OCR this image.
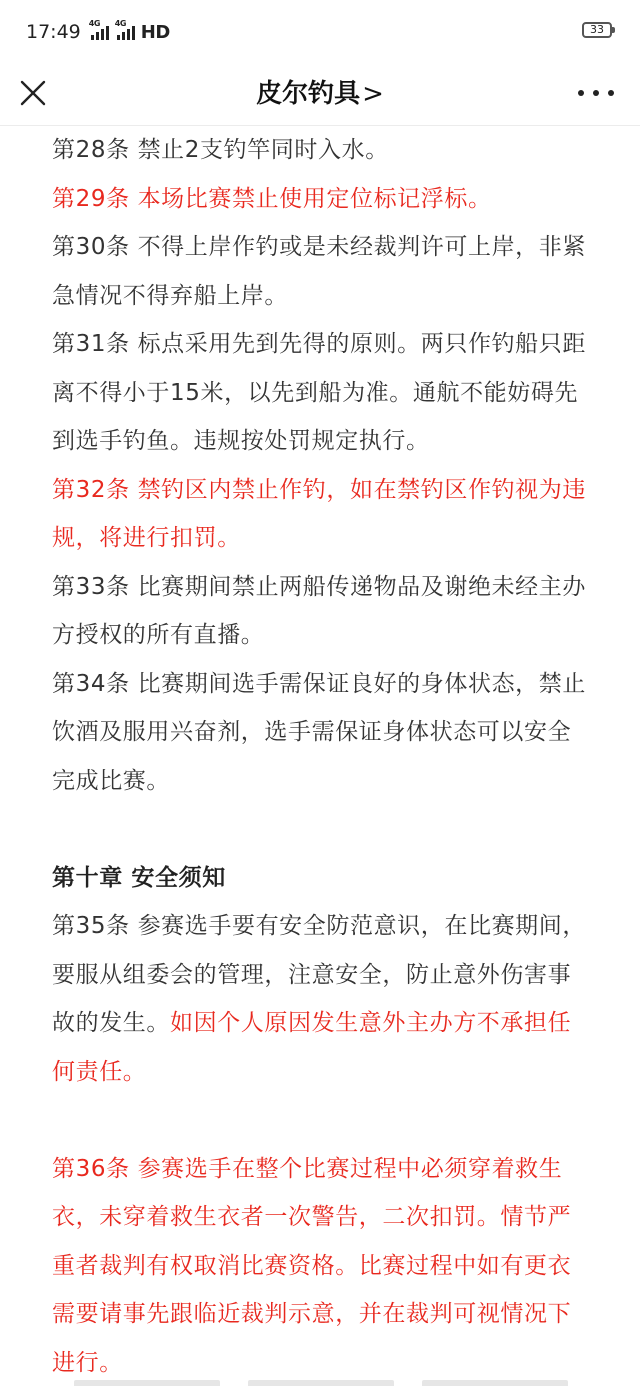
17:49 4G 4G HD	33
皮尔钓具>

第28条 禁止2支钓竿同时入水。

第29条 本场比赛禁止使用定位标记浮标。

第30条 不得上岸作钓或是未经裁判许可上岸，非紧急情况不得弃船上岸。

第31条 标点采用先到先得的原则。两只作钓船只距离不得小于15米，以先到船为准。通航不能妨碍先到选手钓鱼。违规按处罚规定执行。

第32条 禁钓区内禁止作钓，如在禁钓区作钓视为违规，将进行扣罚。

第33条 比赛期间禁止两船传递物品及谢绝未经主办方授权的所有直播。

第34条 比赛期间选手需保证良好的身体状态，禁止饮酒及服用兴奋剂，选手需保证身体状态可以安全完成比赛。

第十章 安全须知

第35条 参赛选手要有安全防范意识，在比赛期间，要服从组委会的管理，注意安全，防止意外伤害事故的发生。如因个人原因发生意外主办方不承担任何责任。

第36条 参赛选手在整个比赛过程中必须穿着救生衣，未穿着救生衣者一次警告，二次扣罚。情节严重者裁判有权取消比赛资格。比赛过程中如有更衣需要请事先跟临近裁判示意，并在裁判可视情况下进行。
